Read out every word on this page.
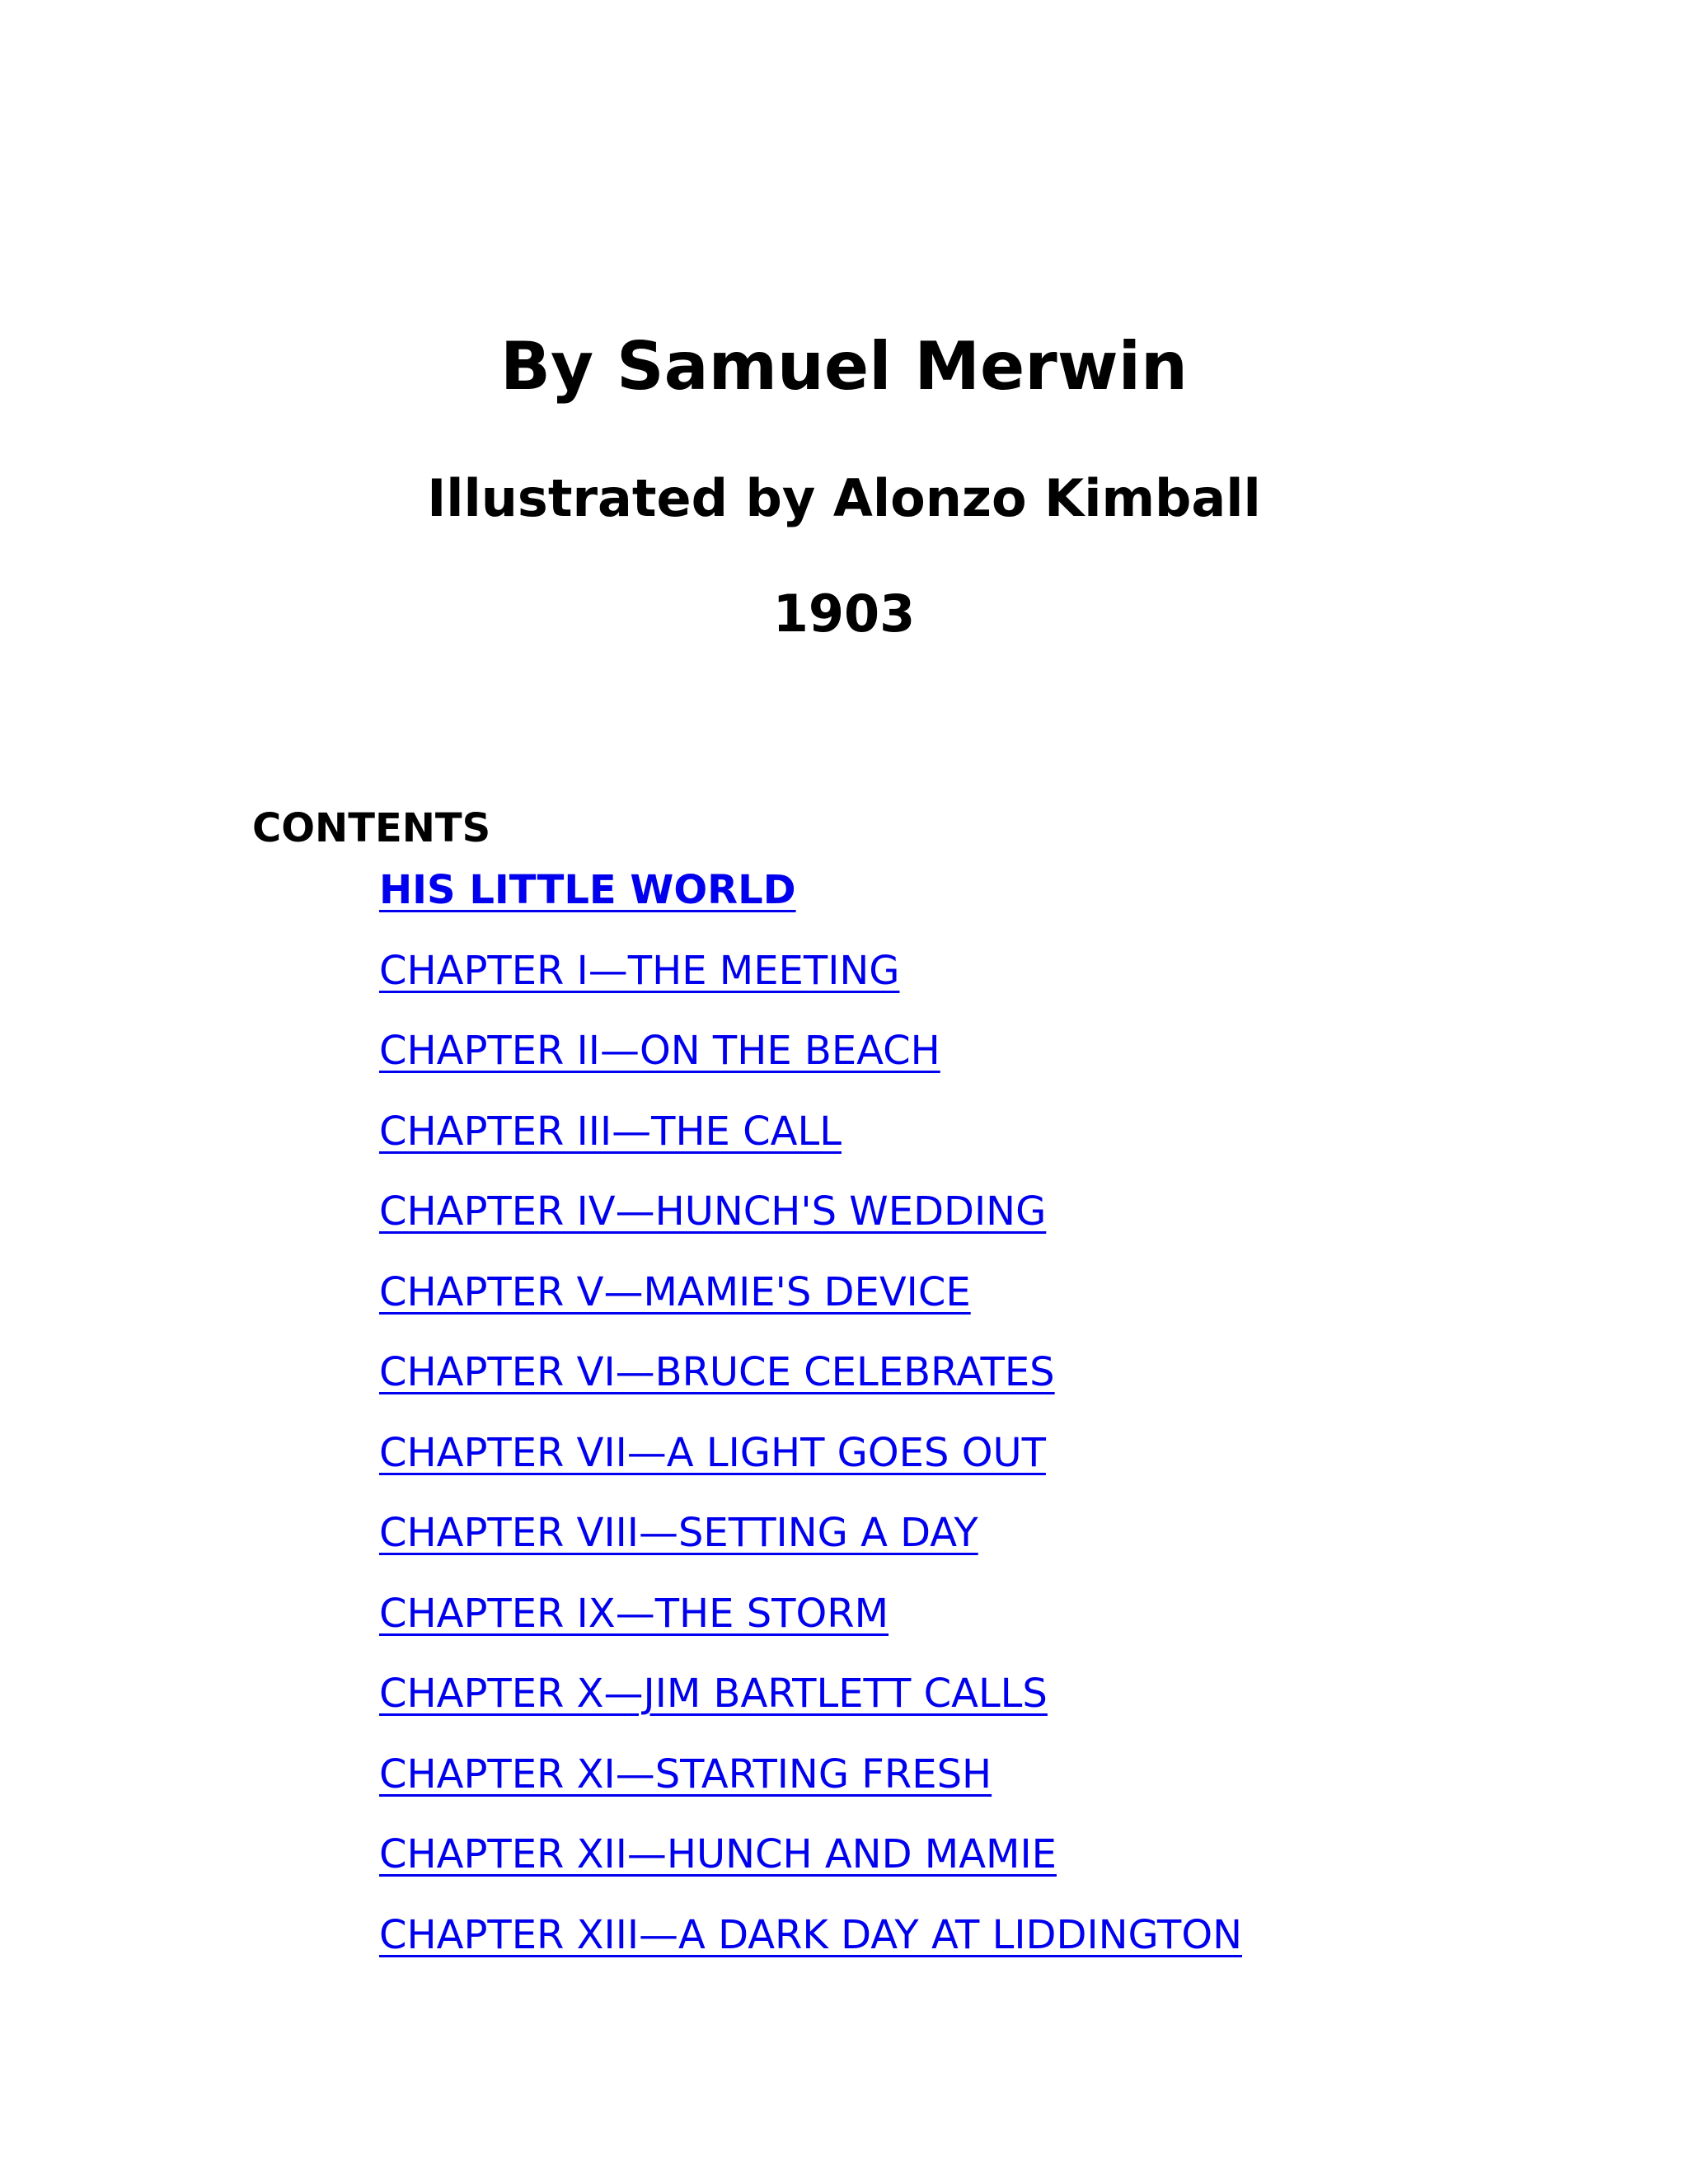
By Samuel Merwin
Illustrated by Alonzo Kimball
1903

CONTENTS

HIS LITTLE WORLD
CHAPTER I—THE MEETING
CHAPTER II—ON THE BEACH
CHAPTER III—THE CALL
CHAPTER IV—HUNCH'S WEDDING
CHAPTER V—MAMIE'S DEVICE
CHAPTER VI—BRUCE CELEBRATES
CHAPTER VII—A LIGHT GOES OUT
CHAPTER VIII—SETTING A DAY
CHAPTER IX—THE STORM
CHAPTER X—JIM BARTLETT CALLS
CHAPTER XI—STARTING FRESH
CHAPTER XII—HUNCH AND MAMIE
CHAPTER XIII—A DARK DAY AT LIDDINGTON
